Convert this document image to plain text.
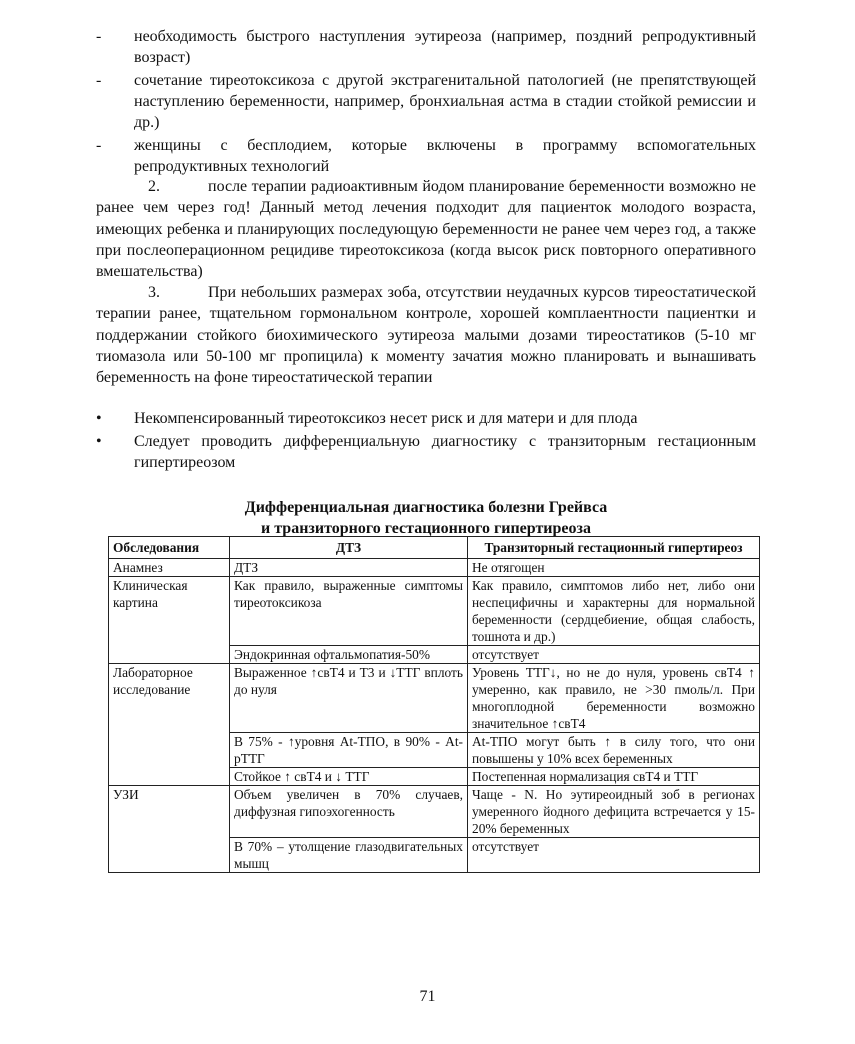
-	необходимость быстрого наступления эутиреоза (например, поздний репродуктивный возраст)
-	сочетание тиреотоксикоза с другой экстрагенитальной патологией (не препятствующей наступлению беременности, например, бронхиальная астма в стадии стойкой ремиссии и др.)
-	женщины с бесплодием, которые включены в программу вспомогательных репродуктивных технологий

2.	после терапии радиоактивным йодом планирование беременности возможно не ранее чем через год! Данный метод лечения подходит для пациенток молодого возраста, имеющих ребенка и планирующих последующую беременности не ранее чем через год, а также при послеоперационном рецидиве тиреотоксикоза (когда высок риск повторного оперативного вмешательства)

3.	При небольших размерах зоба, отсутствии неудачных курсов тиреостатической терапии ранее, тщательном гормональном контроле, хорошей комплаентности пациентки и поддержании стойкого биохимического эутиреоза малыми дозами тиреостатиков (5-10 мг тиомазола или 50-100 мг пропицила) к моменту зачатия можно планировать и вынашивать беременность на фоне тиреостатической терапии

•	Некомпенсированный тиреотоксикоз несет риск и для матери и для плода
•	Следует проводить дифференциальную диагностику с транзиторным гестационным гипертиреозом
Дифференциальная диагностика болезни Грейвса
и транзиторного гестационного гипертиреоза
Обследования	ДТЗ	Транзиторный гестационный гипертиреоз
Анамнез	ДТЗ	Не отягощен
Клиническая картина	Как правило, выраженные симптомы тиреотоксикоза	Как правило, симптомов либо нет, либо они неспецифичны и характерны для нормальной беременности (сердцебиение, общая слабость, тошнота и др.)
	Эндокринная офтальмопатия-50%	отсутствует
Лабораторное исследование	Выраженное ↑свТ4 и Т3 и ↓ТТГ вплоть до нуля	Уровень ТТГ↓, но не до нуля, уровень свТ4 ↑ умеренно, как правило, не >30 пмоль/л. При многоплодной беременности возможно значительное ↑свТ4
	В 75% - ↑уровня At-ТПО, в 90% - At-рТТГ	At-ТПО могут быть ↑ в силу того, что они повышены у 10% всех беременных
	Стойкое ↑ свТ4 и ↓ ТТГ	Постепенная нормализация свТ4 и ТТГ
УЗИ	Объем увеличен в 70% случаев, диффузная гипоэхогенность	Чаще - N. Но эутиреоидный зоб в регионах умеренного йодного дефицита встречается у 15-20% беременных
	В 70% – утолщение глазодвигательных мышц	отсутствует
71
